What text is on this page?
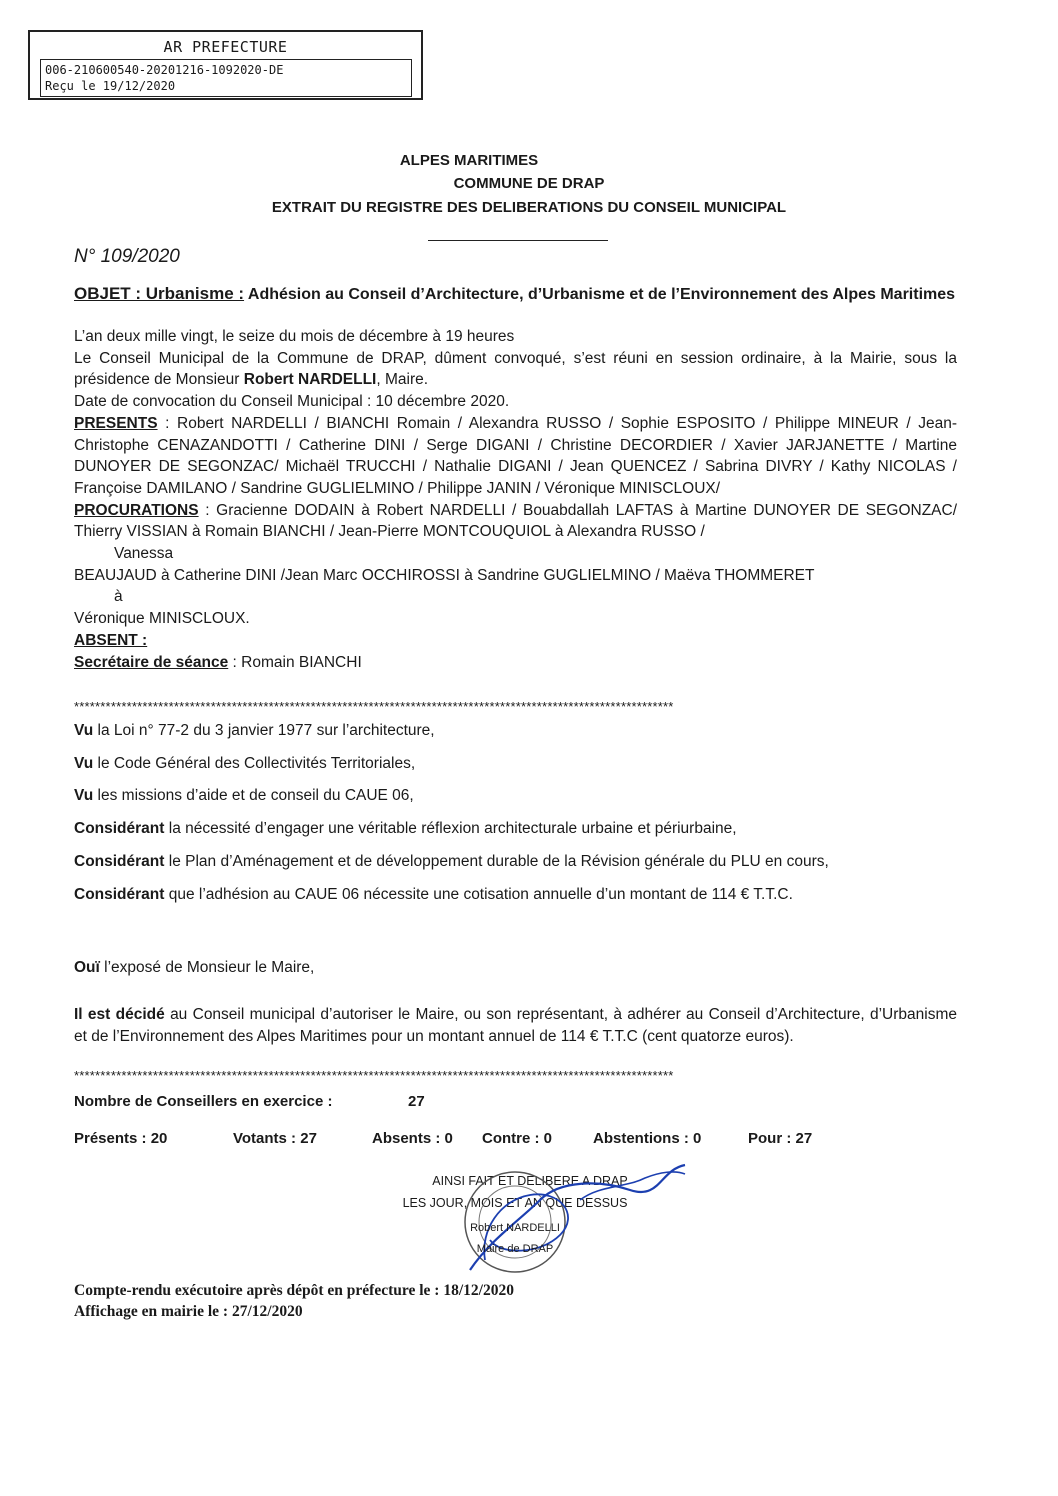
AR PREFECTURE
006-210600540-20201216-1092020-DE
Reçu le 19/12/2020
ALPES MARITIMES
COMMUNE DE DRAP
EXTRAIT DU REGISTRE DES DELIBERATIONS DU CONSEIL MUNICIPAL
N° 109/2020

OBJET : Urbanisme : Adhésion au Conseil d’Architecture, d’Urbanisme et de l’Environnement des Alpes Maritimes

L’an deux mille vingt, le seize du mois de décembre à 19 heures

Le Conseil Municipal de la Commune de DRAP, dûment convoqué, s’est réuni en session ordinaire, à la Mairie, sous la présidence de Monsieur Robert NARDELLI, Maire.

Date de convocation du Conseil Municipal : 10 décembre 2020.

PRESENTS : Robert NARDELLI / BIANCHI Romain / Alexandra RUSSO / Sophie ESPOSITO / Philippe MINEUR / Jean-Christophe CENAZANDOTTI / Catherine DINI / Serge DIGANI / Christine DECORDIER / Xavier JARJANETTE / Martine DUNOYER DE SEGONZAC/ Michaël TRUCCHI / Nathalie DIGANI / Jean QUENCEZ / Sabrina DIVRY / Kathy NICOLAS / Françoise DAMILANO / Sandrine GUGLIELMINO / Philippe JANIN / Véronique MINISCLOUX/

PROCURATIONS : Gracienne DODAIN à Robert NARDELLI / Bouabdallah LAFTAS à Martine DUNOYER DE SEGONZAC/ Thierry VISSIAN à Romain BIANCHI / Jean-Pierre MONTCOUQUIOL à Alexandra RUSSO /

Vanessa

BEAUJAUD à Catherine DINI /Jean Marc OCCHIROSSI à Sandrine GUGLIELMINO / Maëva THOMMERET

à

Véronique MINISCLOUX.

ABSENT :

Secrétaire de séance : Romain BIANCHI

******************************************************************************************************************

Vu la Loi n° 77-2 du 3 janvier 1977 sur l’architecture,

Vu le Code Général des Collectivités Territoriales,

Vu les missions d’aide et de conseil du CAUE 06,

Considérant la nécessité d’engager une véritable réflexion architecturale urbaine et périurbaine,

Considérant le Plan d’Aménagement et de développement durable de la Révision générale du PLU en cours,

Considérant que l’adhésion au CAUE 06 nécessite une cotisation annuelle d’un montant de 114 € T.T.C.

Ouï l’exposé de Monsieur le Maire,

Il est décidé au Conseil municipal d’autoriser le Maire, ou son représentant, à adhérer au Conseil d’Architecture, d’Urbanisme et de l’Environnement des Alpes Maritimes pour un montant annuel de 114 € T.T.C (cent quatorze euros).

******************************************************************************************************************
Nombre de Conseillers en exercice :	27
Présents : 20	Votants : 27	Absents : 0 Contre : 0	Abstentions : 0	Pour : 27
AINSI FAIT ET DELIBERE A DRAP
LES JOUR, MOIS ET AN QUE DESSUS
Robert NARDELLI
Maire de DRAP
Compte-rendu exécutoire après dépôt en préfecture le : 18/12/2020
Affichage en mairie le : 27/12/2020
